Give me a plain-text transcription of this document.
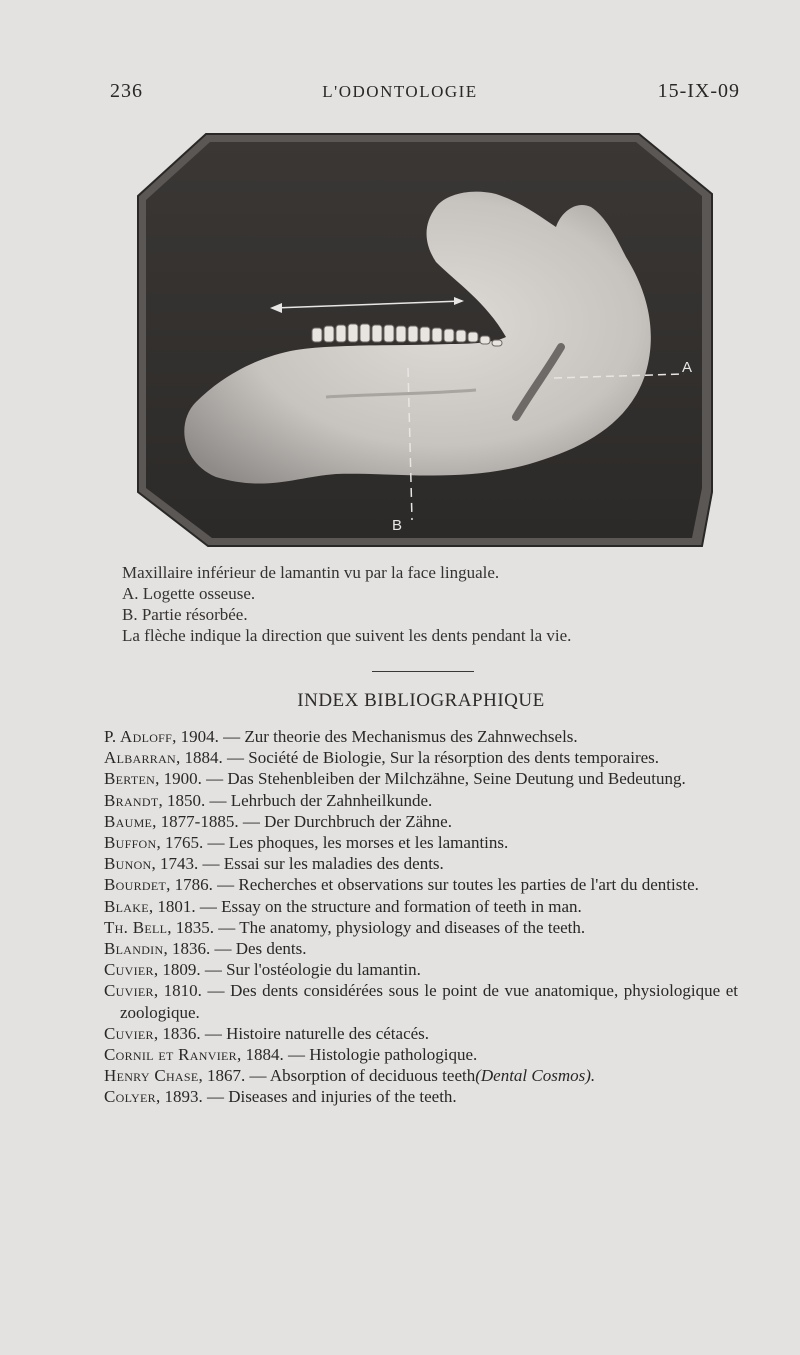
236	L'ODONTOLOGIE	15-IX-09
A
B
Maxillaire inférieur de lamantin vu par la face linguale.
A. Logette osseuse.
B. Partie résorbée.
La flèche indique la direction que suivent les dents pendant la vie.
INDEX BIBLIOGRAPHIQUE
P. Adloff, 1904. — Zur theorie des Mechanismus des Zahnwechsels.
Albarran, 1884. — Société de Biologie, Sur la résorption des dents temporaires.
Berten, 1900. — Das Stehenbleiben der Milchzähne, Seine Deutung und Bedeutung.
Brandt, 1850. — Lehrbuch der Zahnheilkunde.
Baume, 1877-1885. — Der Durchbruch der Zähne.
Buffon, 1765. — Les phoques, les morses et les lamantins.
Bunon, 1743. — Essai sur les maladies des dents.
Bourdet, 1786. — Recherches et observations sur toutes les parties de l'art du dentiste.
Blake, 1801. — Essay on the structure and formation of teeth in man.
Th. Bell, 1835. — The anatomy, physiology and diseases of the teeth.
Blandin, 1836. — Des dents.
Cuvier, 1809. — Sur l'ostéologie du lamantin.
Cuvier, 1810. — Des dents considérées sous le point de vue anatomique, physiologique et zoologique.
Cuvier, 1836. — Histoire naturelle des cétacés.
Cornil et Ranvier, 1884. — Histologie pathologique.
Henry Chase, 1867. — Absorption of deciduous teeth(Dental Cosmos).
Colyer, 1893. — Diseases and injuries of the teeth.
